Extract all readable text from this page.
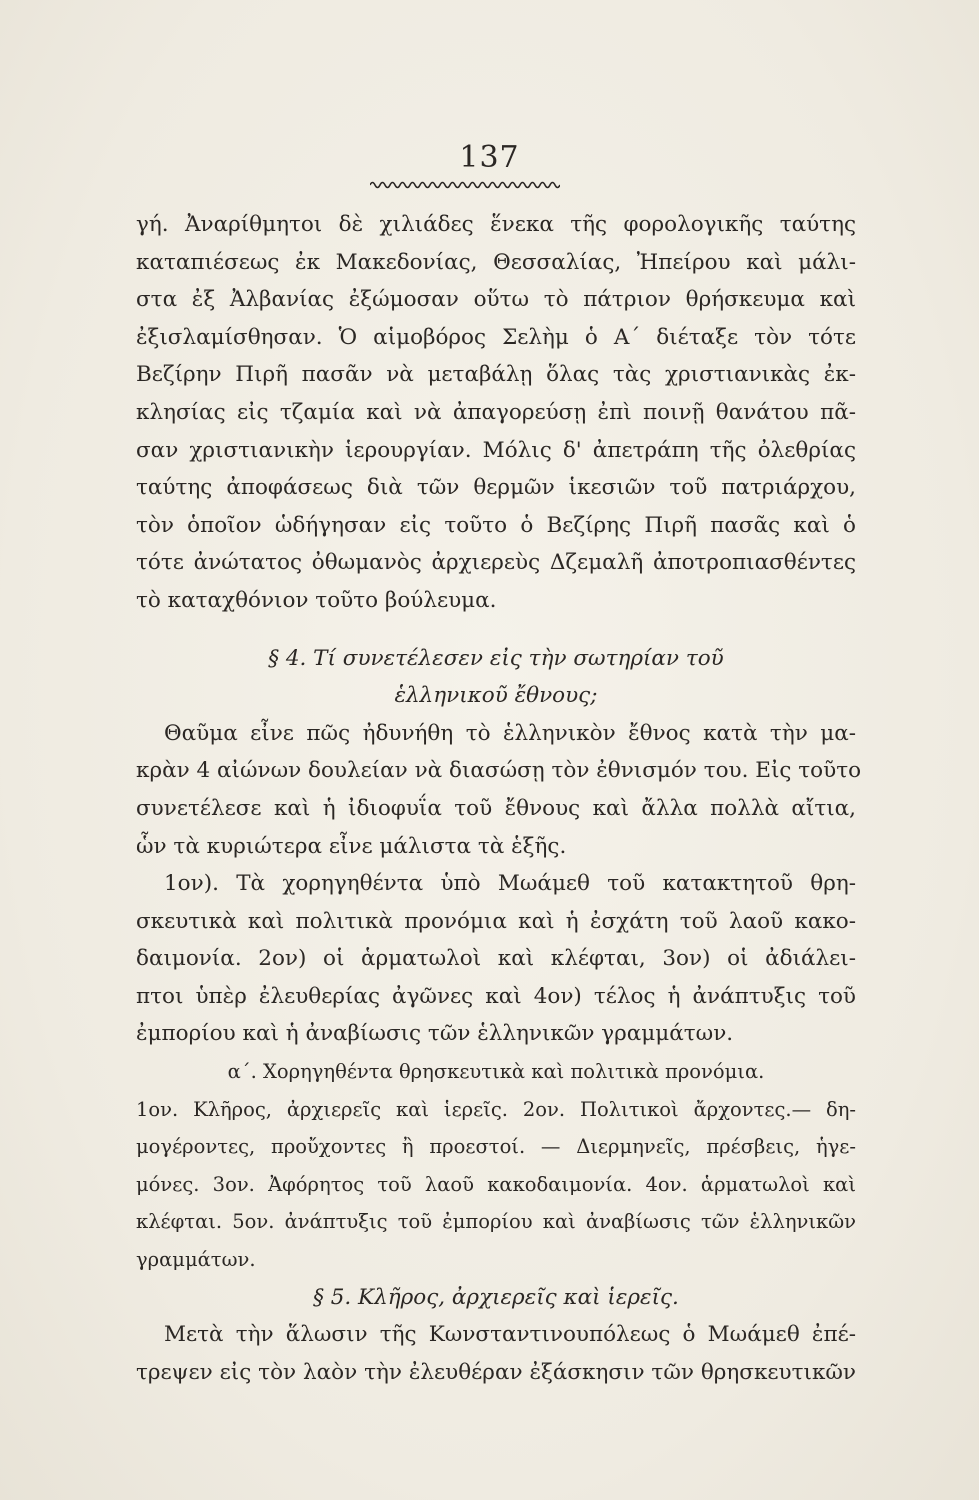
137
γή. Ἀναρίθμητοι δὲ χιλιάδες ἕνεκα τῆς φορολογικῆς ταύτης
καταπιέσεως ἐκ Μακεδονίας, Θεσσαλίας, Ἠπείρου καὶ μάλι-
στα ἐξ Ἀλβανίας ἐξώμοσαν οὕτω τὸ πάτριον θρήσκευμα καὶ
ἐξισλαμίσθησαν. Ὁ αἱμοβόρος Σελὴμ ὁ Α΄ διέταξε τὸν τότε
Βεζίρην Πιρῆ πασᾶν νὰ μεταβάλῃ ὅλας τὰς χριστιανικὰς ἐκ-
κλησίας εἰς τζαμία καὶ νὰ ἀπαγορεύσῃ ἐπὶ ποινῇ θανάτου πᾶ-
σαν χριστιανικὴν ἱερουργίαν. Μόλις δ' ἀπετράπη τῆς ὀλεθρίας
ταύτης ἀποφάσεως διὰ τῶν θερμῶν ἱκεσιῶν τοῦ πατριάρχου,
τὸν ὁποῖον ὡδήγησαν εἰς τοῦτο ὁ Βεζίρης Πιρῆ πασᾶς καὶ ὁ
τότε ἀνώτατος ὀθωμανὸς ἀρχιερεὺς Δζεμαλῆ ἀποτροπιασθέντες
τὸ καταχθόνιον τοῦτο βούλευμα.
§ 4. Τί συνετέλεσεν εἰς τὴν σωτηρίαν τοῦ
ἑλληνικοῦ ἔθνους;
Θαῦμα εἶνε πῶς ἠδυνήθη τὸ ἑλληνικὸν ἔθνος κατὰ τὴν μα-
κρὰν 4 αἰώνων δουλείαν νὰ διασώσῃ τὸν ἐθνισμόν του. Εἰς τοῦτο
συνετέλεσε καὶ ἡ ἰδιοφυΐα τοῦ ἔθνους καὶ ἄλλα πολλὰ αἴτια,
ὧν τὰ κυριώτερα εἶνε μάλιστα τὰ ἑξῆς.
1ον). Τὰ χορηγηθέντα ὑπὸ Μωάμεθ τοῦ κατακτητοῦ θρη-
σκευτικὰ καὶ πολιτικὰ προνόμια καὶ ἡ ἐσχάτη τοῦ λαοῦ κακο-
δαιμονία. 2ον) οἱ ἁρματωλοὶ καὶ κλέφται, 3ον) οἱ ἀδιάλει-
πτοι ὑπὲρ ἐλευθερίας ἀγῶνες καὶ 4ον) τέλος ἡ ἀνάπτυξις τοῦ
ἐμπορίου καὶ ἡ ἀναβίωσις τῶν ἑλληνικῶν γραμμάτων.
α΄. Χορηγηθέντα θρησκευτικὰ καὶ πολιτικὰ προνόμια.
1ον. Κλῆρος, ἀρχιερεῖς καὶ ἱερεῖς. 2ον. Πολιτικοὶ ἄρχοντες.— δη-
μογέροντες, προὔχοντες ἢ προεστοί. — Διερμηνεῖς, πρέσβεις, ἡγε-
μόνες. 3ον. Ἀφόρητος τοῦ λαοῦ κακοδαιμονία. 4ον. ἁρματωλοὶ καὶ
κλέφται. 5ον. ἀνάπτυξις τοῦ ἐμπορίου καὶ ἀναβίωσις τῶν ἑλληνικῶν
γραμμάτων.
§ 5. Κλῆρος, ἀρχιερεῖς καὶ ἱερεῖς.
Μετὰ τὴν ἅλωσιν τῆς Κωνσταντινουπόλεως ὁ Μωάμεθ ἐπέ-
τρεψεν εἰς τὸν λαὸν τὴν ἐλευθέραν ἐξάσκησιν τῶν θρησκευτικῶν
